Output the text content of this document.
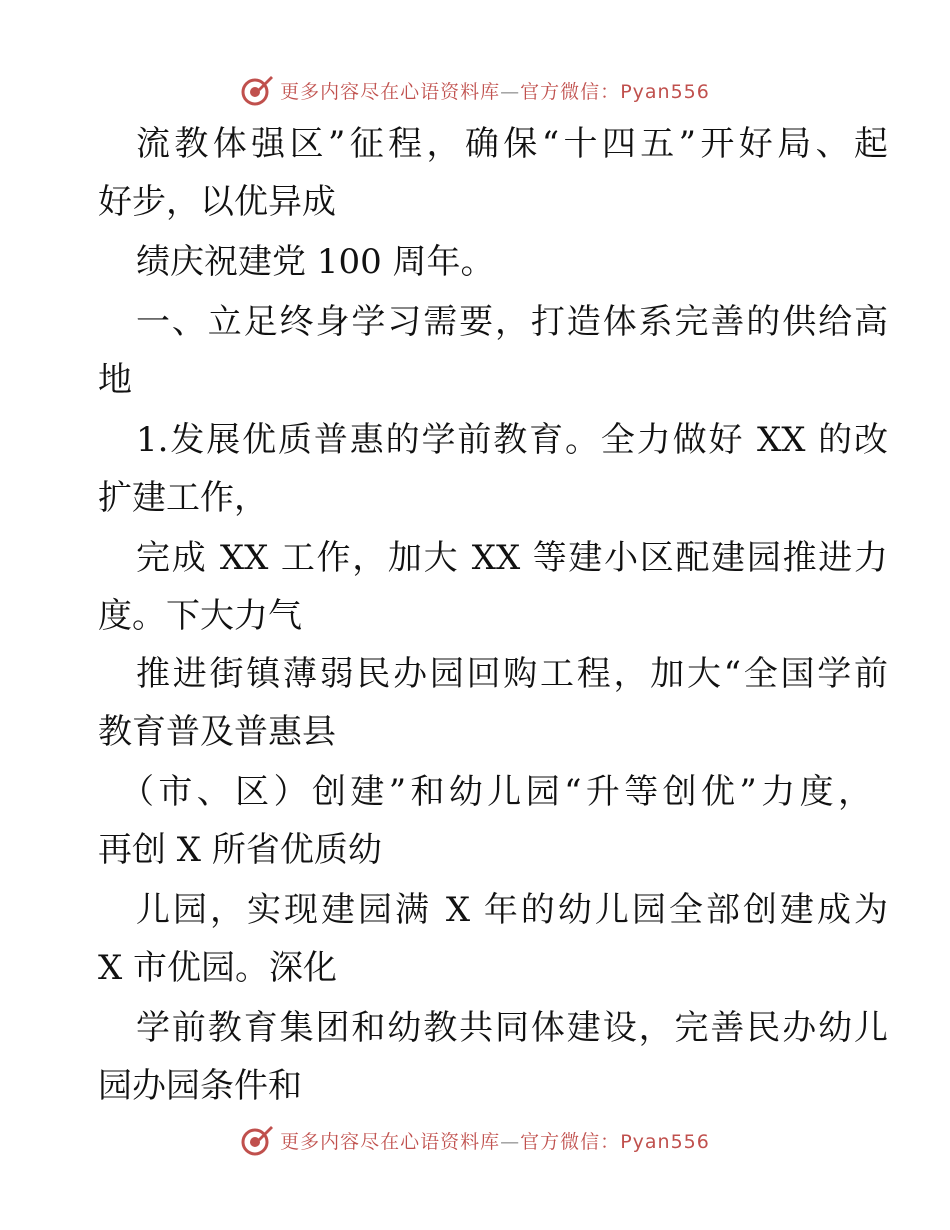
更多内容尽在心语资料库—官方微信：Pyan556
流教体强区”征程，确保“十四五”开好局、起
好步，以优异成
绩庆祝建党 100 周年。
一、立足终身学习需要，打造体系完善的供给高
地
1.发展优质普惠的学前教育。全力做好 XX 的改
扩建工作，
完成 XX 工作，加大 XX 等建小区配建园推进力
度。下大力气
推进街镇薄弱民办园回购工程，加大“全国学前
教育普及普惠县
（市、区）创建”和幼儿园“升等创优”力度，
再创 X 所省优质幼
儿园，实现建园满 X 年的幼儿园全部创建成为
X 市优园。深化
学前教育集团和幼教共同体建设，完善民办幼儿
园办园条件和
更多内容尽在心语资料库—官方微信：Pyan556
